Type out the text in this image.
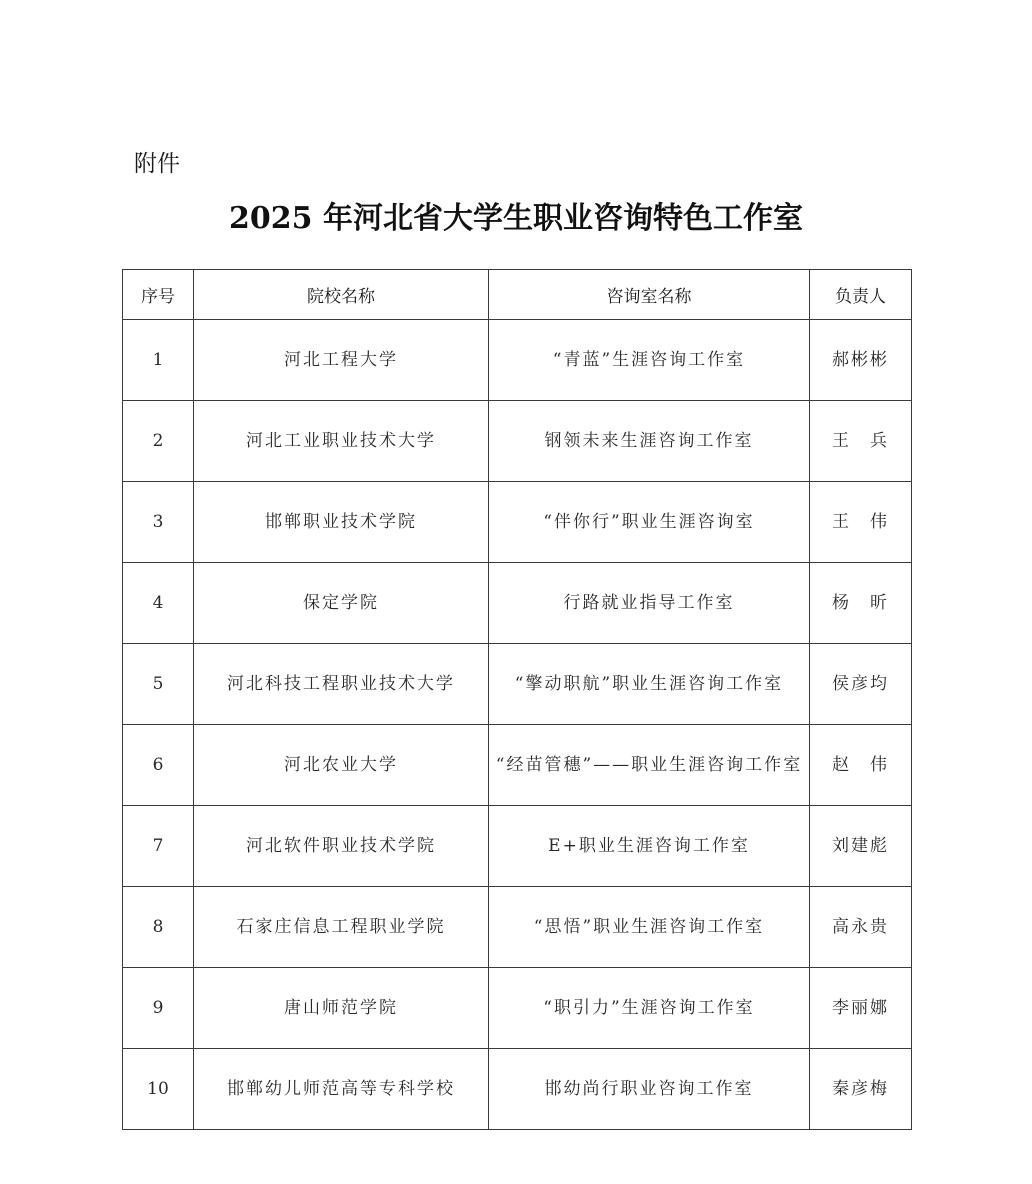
附件
2025 年河北省大学生职业咨询特色工作室
序号	院校名称	咨询室名称	负责人
1	河北工程大学	“青蓝”生涯咨询工作室	郝彬彬
2	河北工业职业技术大学	钢领未来生涯咨询工作室	王　兵
3	邯郸职业技术学院	“伴你行”职业生涯咨询室	王　伟
4	保定学院	行路就业指导工作室	杨　昕
5	河北科技工程职业技术大学	“擎动职航”职业生涯咨询工作室	侯彦均
6	河北农业大学	“经苗管穗”——职业生涯咨询工作室	赵　伟
7	河北软件职业技术学院	E+职业生涯咨询工作室	刘建彪
8	石家庄信息工程职业学院	“思悟”职业生涯咨询工作室	高永贵
9	唐山师范学院	“职引力”生涯咨询工作室	李丽娜
10	邯郸幼儿师范高等专科学校	邯幼尚行职业咨询工作室	秦彦梅
